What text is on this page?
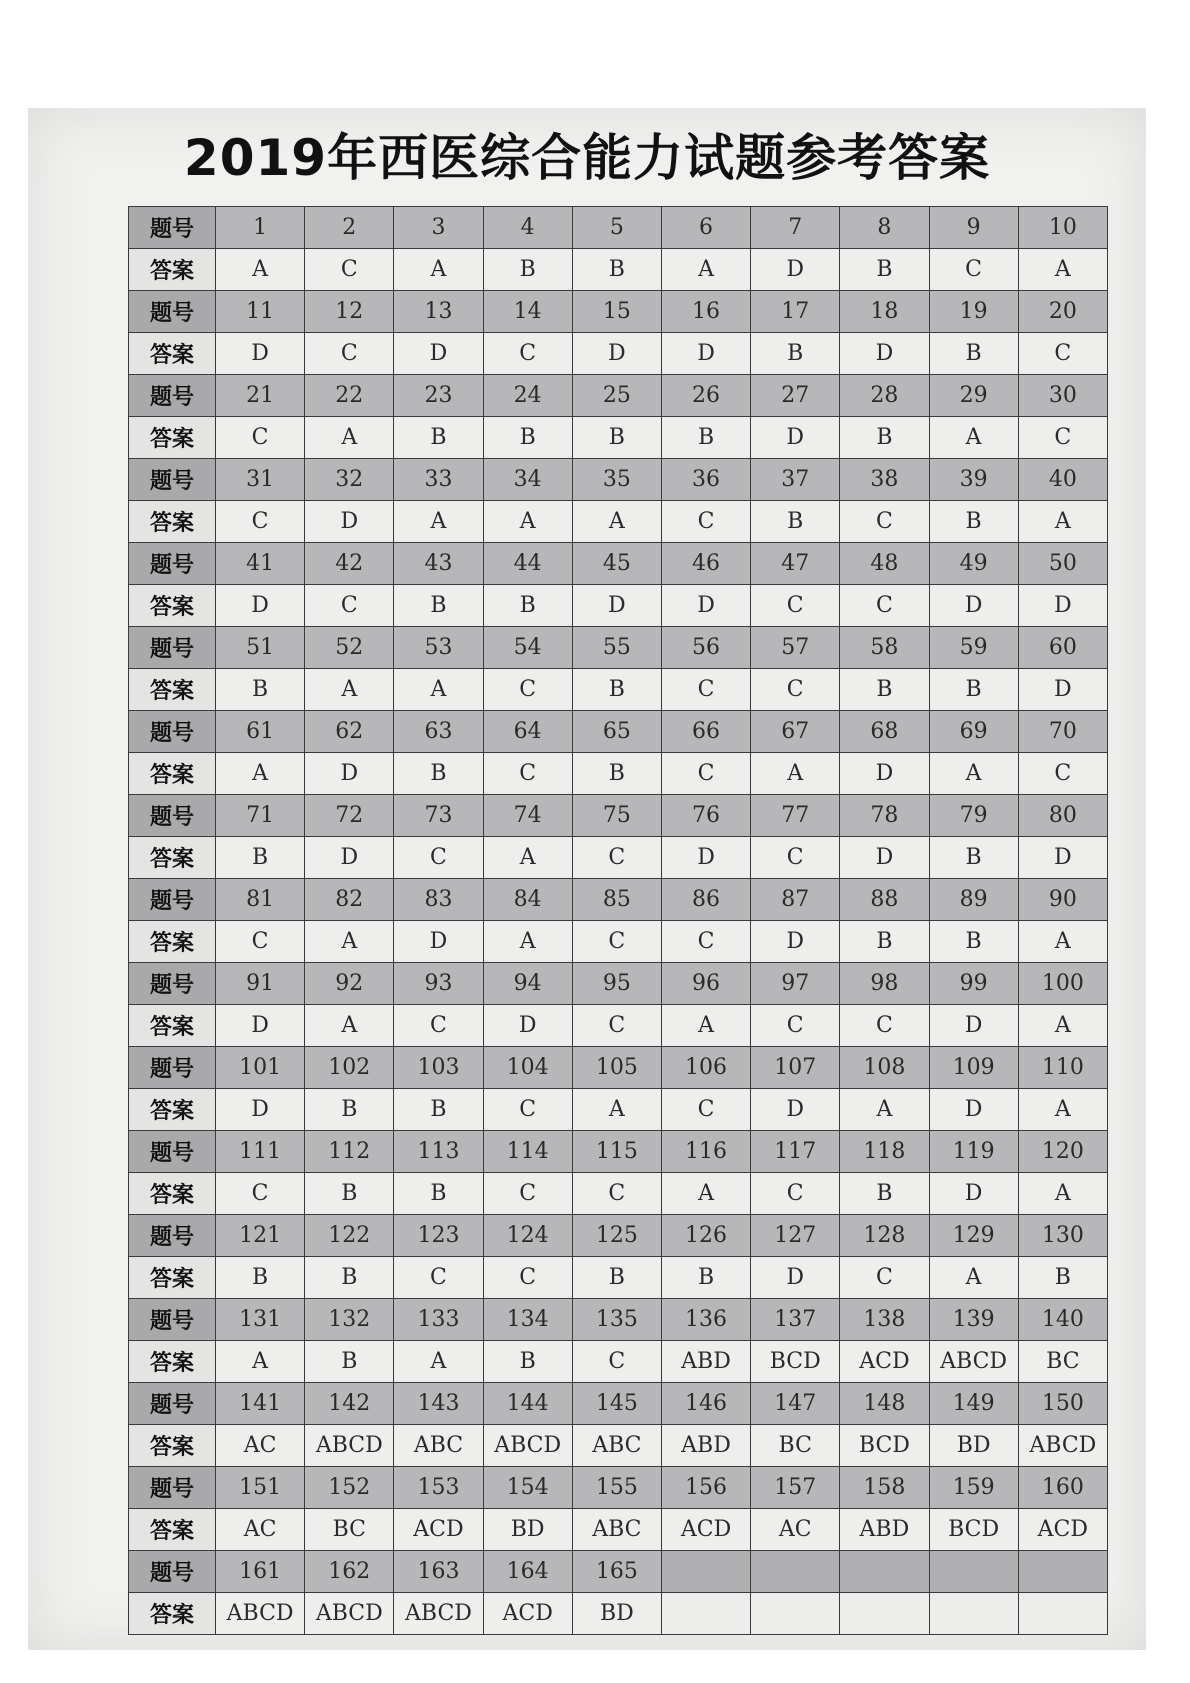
2019年西医综合能力试题参考答案
题号	1	2	3	4	5	6	7	8	9	10
答案	A	C	A	B	B	A	D	B	C	A
题号	11	12	13	14	15	16	17	18	19	20
答案	D	C	D	C	D	D	B	D	B	C
题号	21	22	23	24	25	26	27	28	29	30
答案	C	A	B	B	B	B	D	B	A	C
题号	31	32	33	34	35	36	37	38	39	40
答案	C	D	A	A	A	C	B	C	B	A
题号	41	42	43	44	45	46	47	48	49	50
答案	D	C	B	B	D	D	C	C	D	D
题号	51	52	53	54	55	56	57	58	59	60
答案	B	A	A	C	B	C	C	B	B	D
题号	61	62	63	64	65	66	67	68	69	70
答案	A	D	B	C	B	C	A	D	A	C
题号	71	72	73	74	75	76	77	78	79	80
答案	B	D	C	A	C	D	C	D	B	D
题号	81	82	83	84	85	86	87	88	89	90
答案	C	A	D	A	C	C	D	B	B	A
题号	91	92	93	94	95	96	97	98	99	100
答案	D	A	C	D	C	A	C	C	D	A
题号	101	102	103	104	105	106	107	108	109	110
答案	D	B	B	C	A	C	D	A	D	A
题号	111	112	113	114	115	116	117	118	119	120
答案	C	B	B	C	C	A	C	B	D	A
题号	121	122	123	124	125	126	127	128	129	130
答案	B	B	C	C	B	B	D	C	A	B
题号	131	132	133	134	135	136	137	138	139	140
答案	A	B	A	B	C	ABD	BCD	ACD	ABCD	BC
题号	141	142	143	144	145	146	147	148	149	150
答案	AC	ABCD	ABC	ABCD	ABC	ABD	BC	BCD	BD	ABCD
题号	151	152	153	154	155	156	157	158	159	160
答案	AC	BC	ACD	BD	ABC	ACD	AC	ABD	BCD	ACD
题号	161	162	163	164	165					
答案	ABCD	ABCD	ABCD	ACD	BD					
